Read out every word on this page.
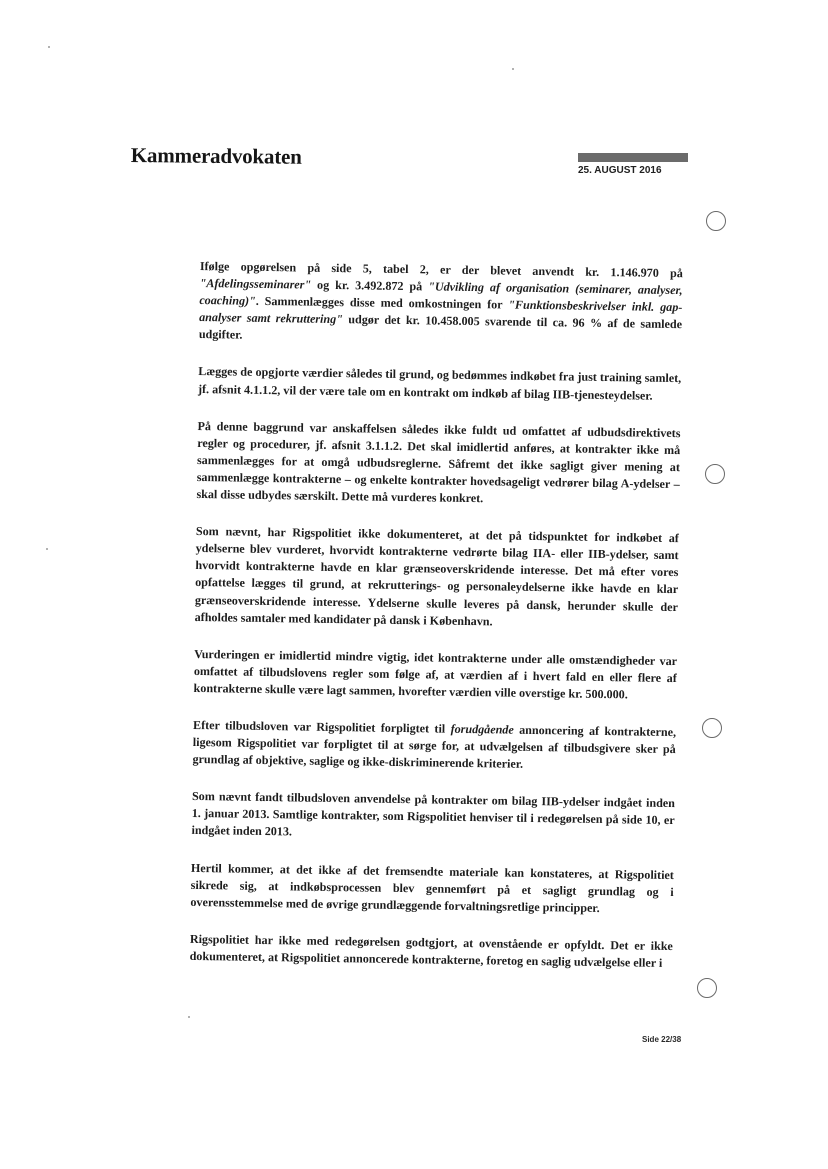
Kammeradvokaten
25. AUGUST 2016

Ifølge opgørelsen på side 5, tabel 2, er der blevet anvendt kr. 1.146.970 på "Afdelingsseminarer" og kr. 3.492.872 på "Udvikling af organisation (seminarer, analyser, coaching)". Sammenlægges disse med omkostningen for "Funktionsbeskrivelser inkl. gap-analyser samt rekruttering" udgør det kr. 10.458.005 svarende til ca. 96 % af de samlede udgifter.

Lægges de opgjorte værdier således til grund, og bedømmes indkøbet fra just training samlet, jf. afsnit 4.1.1.2, vil der være tale om en kontrakt om indkøb af bilag IIB-tjenesteydelser.

På denne baggrund var anskaffelsen således ikke fuldt ud omfattet af udbudsdirektivets regler og procedurer, jf. afsnit 3.1.1.2. Det skal imidlertid anføres, at kontrakter ikke må sammenlægges for at omgå udbudsreglerne. Såfremt det ikke sagligt giver mening at sammenlægge kontrakterne – og enkelte kontrakter hovedsageligt vedrører bilag A-ydelser – skal disse udbydes særskilt. Dette må vurderes konkret.

Som nævnt, har Rigspolitiet ikke dokumenteret, at det på tidspunktet for indkøbet af ydelserne blev vurderet, hvorvidt kontrakterne vedrørte bilag IIA- eller IIB-ydelser, samt hvorvidt kontrakterne havde en klar grænseoverskridende interesse. Det må efter vores opfattelse lægges til grund, at rekrutterings- og personaleydelserne ikke havde en klar grænseoverskridende interesse. Ydelserne skulle leveres på dansk, herunder skulle der afholdes samtaler med kandidater på dansk i København.

Vurderingen er imidlertid mindre vigtig, idet kontrakterne under alle omstændigheder var omfattet af tilbudslovens regler som følge af, at værdien af i hvert fald en eller flere af kontrakterne skulle være lagt sammen, hvorefter værdien ville overstige kr. 500.000.

Efter tilbudsloven var Rigspolitiet forpligtet til forudgående annoncering af kontrakterne, ligesom Rigspolitiet var forpligtet til at sørge for, at udvælgelsen af tilbudsgivere sker på grundlag af objektive, saglige og ikke-diskriminerende kriterier.

Som nævnt fandt tilbudsloven anvendelse på kontrakter om bilag IIB-ydelser indgået inden 1. januar 2013. Samtlige kontrakter, som Rigspolitiet henviser til i redegørelsen på side 10, er indgået inden 2013.

Hertil kommer, at det ikke af det fremsendte materiale kan konstateres, at Rigspolitiet sikrede sig, at indkøbsprocessen blev gennemført på et sagligt grundlag og i overensstemmelse med de øvrige grundlæggende forvaltningsretlige principper.

Rigspolitiet har ikke med redegørelsen godtgjort, at ovenstående er opfyldt. Det er ikke dokumenteret, at Rigspolitiet annoncerede kontrakterne, foretog en saglig udvælgelse eller i

Side 22/38
